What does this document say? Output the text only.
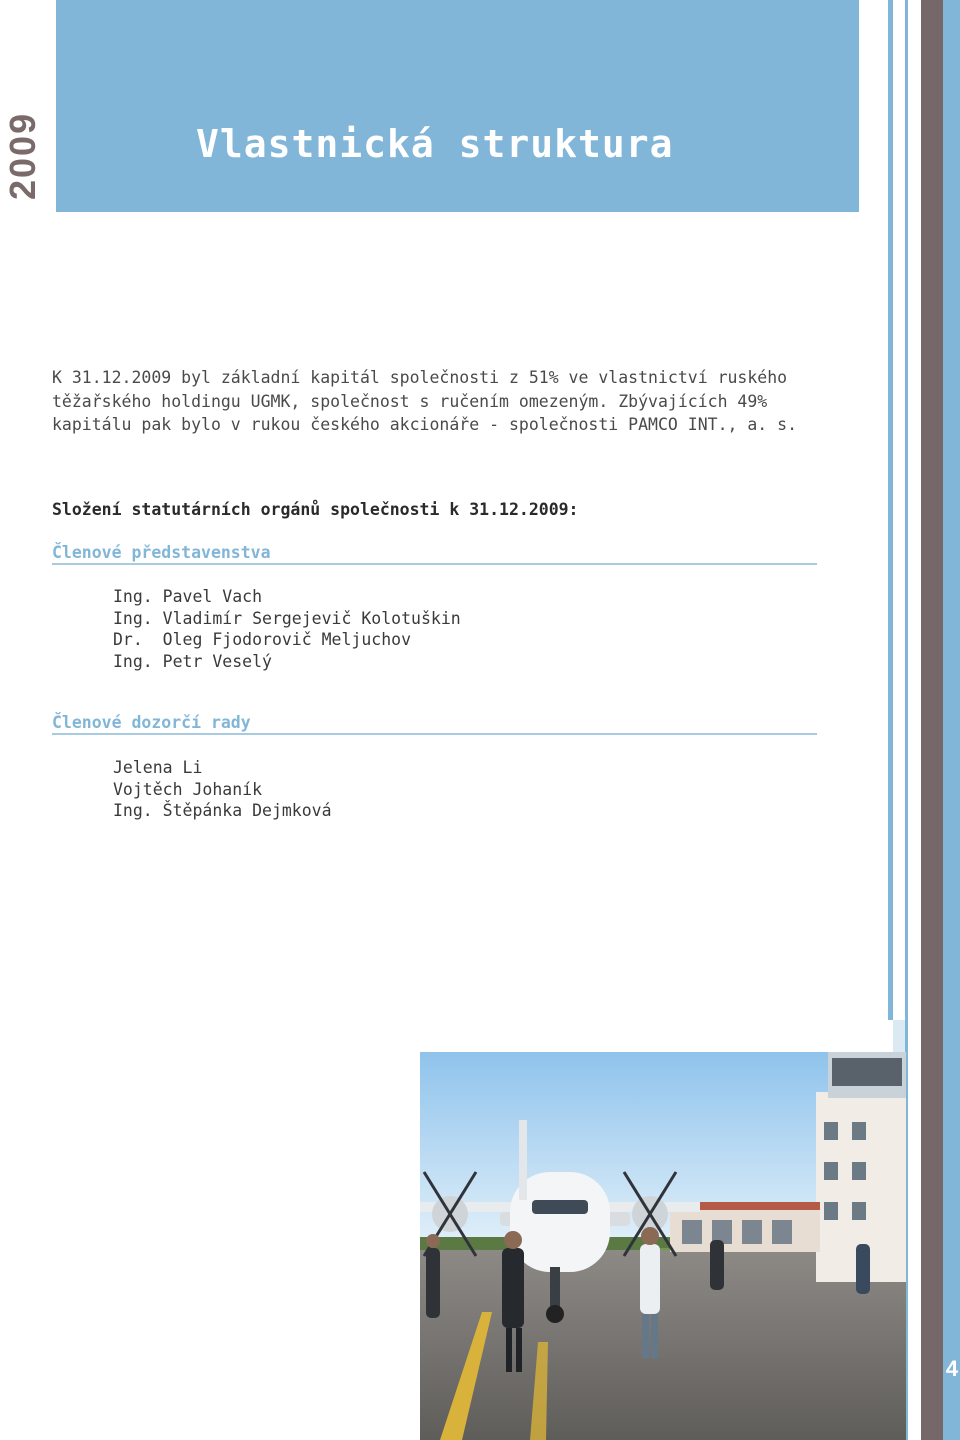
2009	Vlastnická struktura

K 31.12.2009 byl základní kapitál společnosti z 51% ve vlastnictví ruského těžařského holdingu UGMK, společnost s ručením omezeným. Zbývajících 49% kapitálu pak bylo v rukou českého akcionáře - společnosti PAMCO INT., a. s.

Složení statutárních orgánů společnosti k 31.12.2009:
Členové představenstva
Ing. Pavel Vach
Ing. Vladimír Sergejevič Kolotuškin
Dr.  Oleg Fjodorovič Meljuchov
Ing. Petr Veselý
Členové dozorčí rady
Jelena Li
Vojtěch Johaník
Ing. Štěpánka Dejmková
4
